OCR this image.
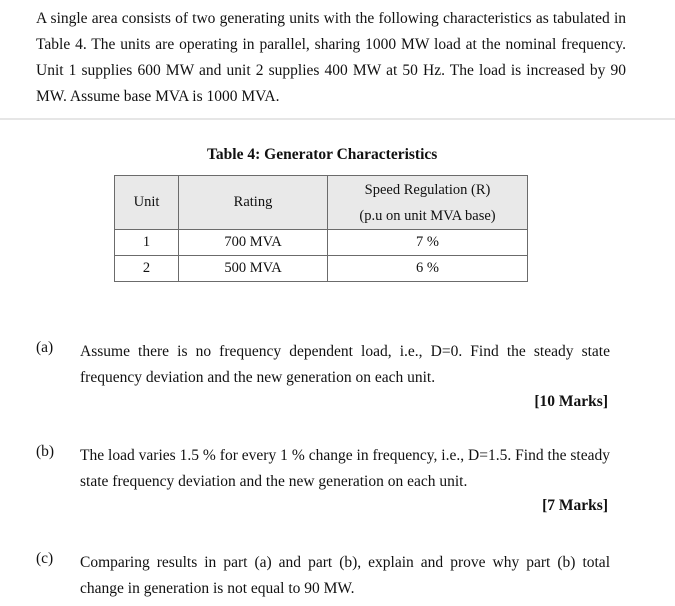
A single area consists of two generating units with the following characteristics as tabulated in Table 4. The units are operating in parallel, sharing 1000 MW load at the nominal frequency. Unit 1 supplies 600 MW and unit 2 supplies 400 MW at 50 Hz. The load is increased by 90 MW. Assume base MVA is 1000 MVA.
Table 4: Generator Characteristics
Unit	Rating	Speed Regulation (R)
(p.u on unit MVA base)

1	700 MVA	7 %
2	500 MVA	6 %
(a)	Assume there is no frequency dependent load, i.e., D=0. Find the steady state frequency deviation and the new generation on each unit.
[10 Marks]
(b)	The load varies 1.5 % for every 1 % change in frequency, i.e., D=1.5. Find the steady state frequency deviation and the new generation on each unit.
[7 Marks]
(c)	Comparing results in part (a) and part (b), explain and prove why part (b) total change in generation is not equal to 90 MW.
